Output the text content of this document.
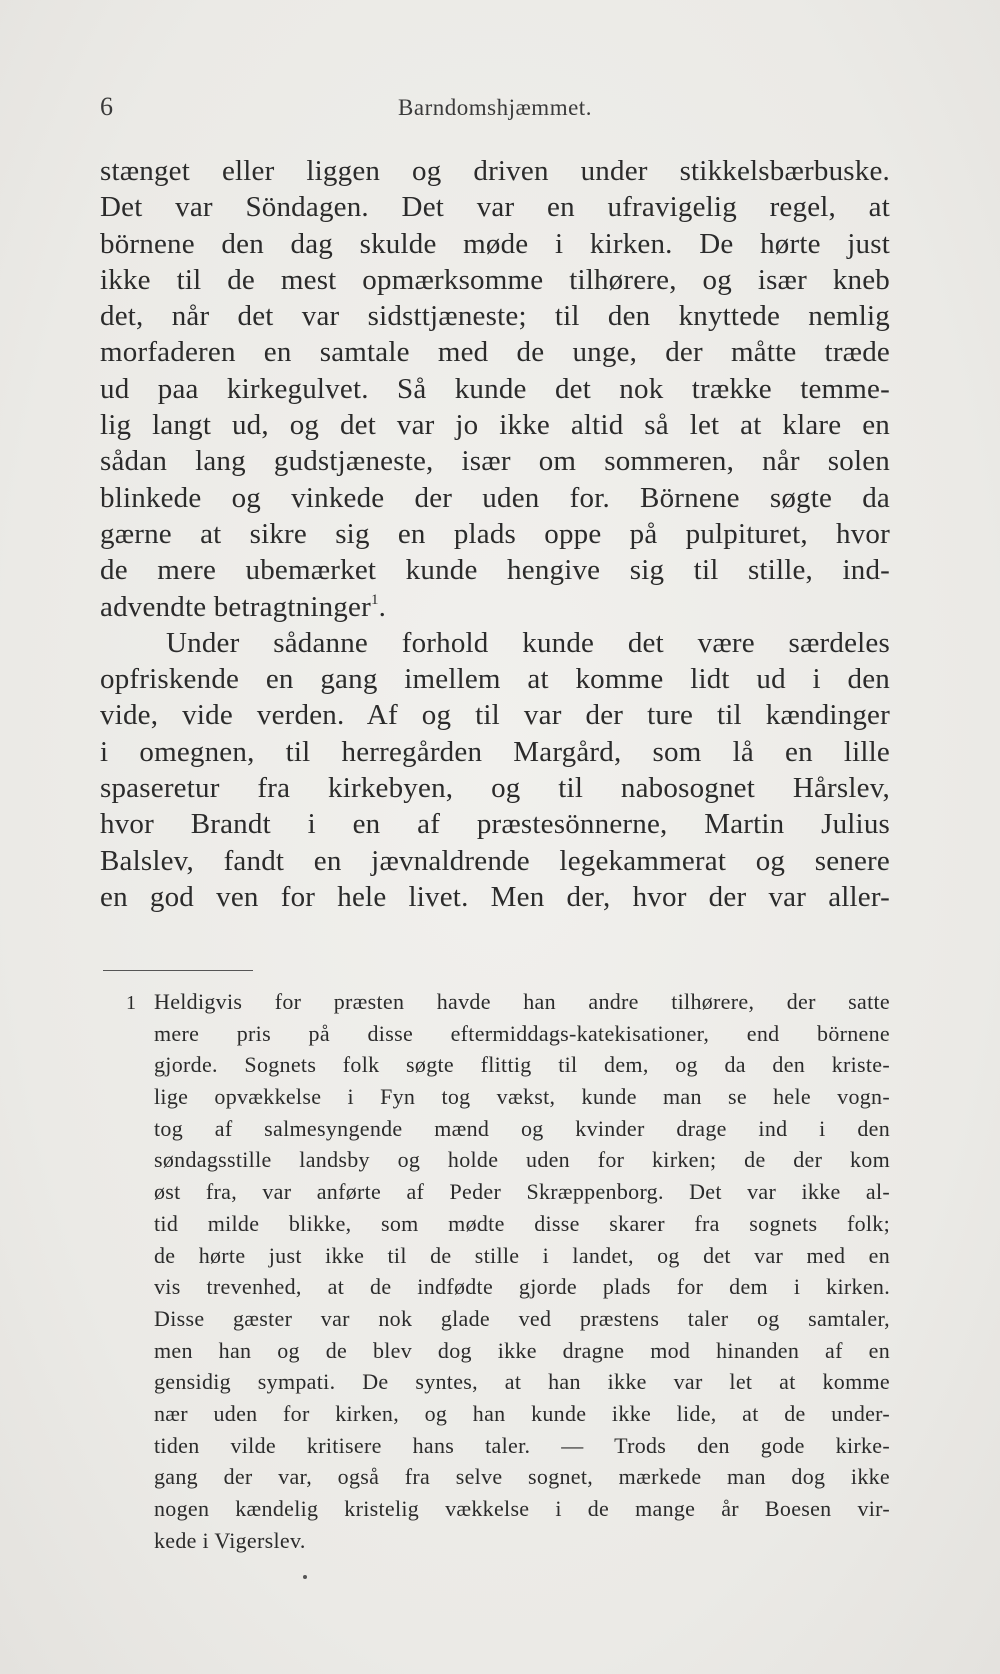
6	Barndomshjæmmet.
stænget eller liggen og driven under stikkelsbærbuske.
Det var Söndagen. Det var en ufravigelig regel, at
börnene den dag skulde møde i kirken. De hørte just
ikke til de mest opmærksomme tilhørere, og især kneb
det, når det var sidsttjæneste; til den knyttede nemlig
morfaderen en samtale med de unge, der måtte træde
ud paa kirkegulvet. Så kunde det nok trække temme-
lig langt ud, og det var jo ikke altid så let at klare en
sådan lang gudstjæneste, især om sommeren, når solen
blinkede og vinkede der uden for. Börnene søgte da
gærne at sikre sig en plads oppe på pulpituret, hvor
de mere ubemærket kunde hengive sig til stille, ind-
advendte betragtninger$^1$.
Under sådanne forhold kunde det være særdeles
opfriskende en gang imellem at komme lidt ud i den
vide, vide verden. Af og til var der ture til kændinger
i omegnen, til herregården Margård, som lå en lille
spaseretur fra kirkebyen, og til nabosognet Hårslev,
hvor Brandt i en af præstesönnerne, Martin Julius
Balslev, fandt en jævnaldrende legekammerat og senere
en god ven for hele livet. Men der, hvor der var aller-
1 Heldigvis for præsten havde han andre tilhørere, der satte
mere pris på disse eftermiddags-katekisationer, end börnene
gjorde. Sognets folk søgte flittig til dem, og da den kriste-
lige opvækkelse i Fyn tog vækst, kunde man se hele vogn-
tog af salmesyngende mænd og kvinder drage ind i den
søndagsstille landsby og holde uden for kirken; de der kom
øst fra, var anførte af Peder Skræppenborg. Det var ikke al-
tid milde blikke, som mødte disse skarer fra sognets folk;
de hørte just ikke til de stille i landet, og det var med en
vis trevenhed, at de indfødte gjorde plads for dem i kirken.
Disse gæster var nok glade ved præstens taler og samtaler,
men han og de blev dog ikke dragne mod hinanden af en
gensidig sympati. De syntes, at han ikke var let at komme
nær uden for kirken, og han kunde ikke lide, at de under-
tiden vilde kritisere hans taler. — Trods den gode kirke-
gang der var, også fra selve sognet, mærkede man dog ikke
nogen kændelig kristelig vækkelse i de mange år Boesen vir-
kede i Vigerslev.
